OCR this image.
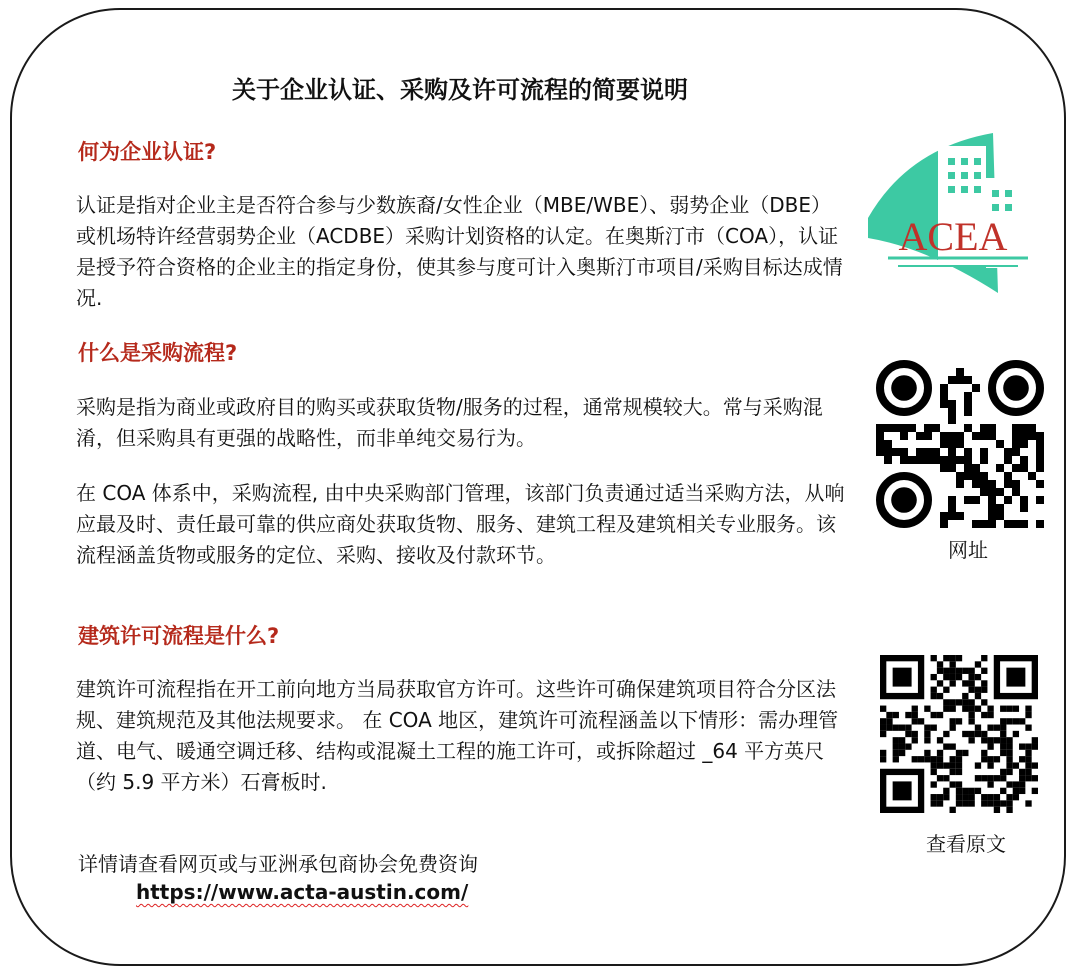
关于企业认证、采购及许可流程的简要说明
何为企业认证?

认证是指对企业主是否符合参与少数族裔/女性企业（MBE/WBE）、弱势企业（DBE）或机场特许经营弱势企业（ACDBE）采购计划资格的认定。在奥斯汀市（COA），认证是授予符合资格的企业主的指定身份，使其参与度可计入奥斯汀市项目/采购目标达成情况.

什么是采购流程?

采购是指为商业或政府目的购买或获取货物/服务的过程，通常规模较大。常与采购混淆，但采购具有更强的战略性，而非单纯交易行为。

在 COA 体系中，采购流程, 由中央采购部门管理，该部门负责通过适当采购方法，从响应最及时、责任最可靠的供应商处获取货物、服务、建筑工程及建筑相关专业服务。该流程涵盖货物或服务的定位、采购、接收及付款环节。

建筑许可流程是什么?

建筑许可流程指在开工前向地方当局获取官方许可。这些许可确保建筑项目符合分区法规、建筑规范及其他法规要求。 在 COA 地区，建筑许可流程涵盖以下情形：需办理管道、电气、暖通空调迁移、结构或混凝土工程的施工许可，或拆除超过 _64 平方英尺（约 5.9 平方米）石膏板时.

详情请查看网页或与亚洲承包商协会免费资询
https://www.acta-austin.com/
ACEA
网址
查看原文
